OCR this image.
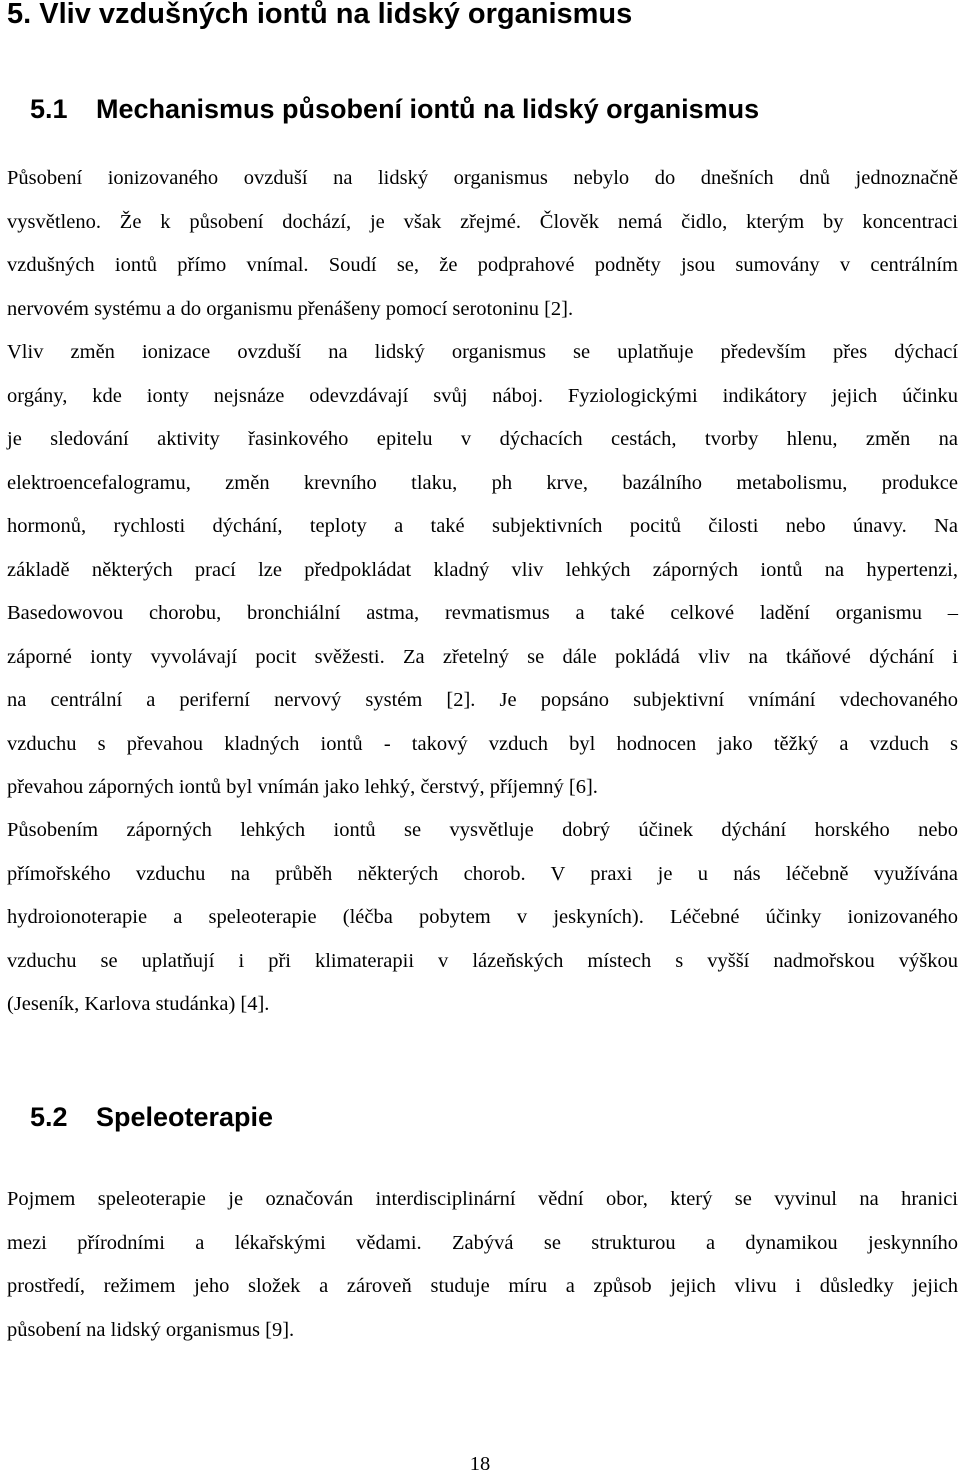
5. Vliv vzdušných iontů na lidský organismus
5.1 Mechanismus působení iontů na lidský organismus
Působení ionizovaného ovzduší na lidský organismus nebylo do dnešních dnů jednoznačně
vysvětleno. Že k působení dochází, je však zřejmé. Člověk nemá čidlo, kterým by koncentraci
vzdušných iontů přímo vnímal. Soudí se, že podprahové podněty jsou sumovány v centrálním
nervovém systému a do organismu přenášeny pomocí serotoninu [2].
Vliv změn ionizace ovzduší na lidský organismus se uplatňuje především přes dýchací
orgány, kde ionty nejsnáze odevzdávají svůj náboj. Fyziologickými indikátory jejich účinku
je sledování aktivity řasinkového epitelu v dýchacích cestách, tvorby hlenu, změn na
elektroencefalogramu, změn krevního tlaku, ph krve, bazálního metabolismu, produkce
hormonů, rychlosti dýchání, teploty a také subjektivních pocitů čilosti nebo únavy. Na
základě některých prací lze předpokládat kladný vliv lehkých záporných iontů na hypertenzi,
Basedowovou chorobu, bronchiální astma, revmatismus a také celkové ladění organismu –
záporné ionty vyvolávají pocit svěžesti. Za zřetelný se dále pokládá vliv na tkáňové dýchání i
na centrální a periferní nervový systém [2]. Je popsáno subjektivní vnímání vdechovaného
vzduchu s převahou kladných iontů - takový vzduch byl hodnocen jako těžký a vzduch s
převahou záporných iontů byl vnímán jako lehký, čerstvý, příjemný [6].
Působením záporných lehkých iontů se vysvětluje dobrý účinek dýchání horského nebo
přímořského vzduchu na průběh některých chorob. V praxi je u nás léčebně využívána
hydroionoterapie a speleoterapie (léčba pobytem v jeskyních). Léčebné účinky ionizovaného
vzduchu se uplatňují i při klimaterapii v lázeňských místech s vyšší nadmořskou výškou
(Jeseník, Karlova studánka) [4].
5.2 Speleoterapie
Pojmem speleoterapie je označován interdisciplinární vědní obor, který se vyvinul na hranici
mezi přírodními a lékařskými vědami. Zabývá se strukturou a dynamikou jeskynního
prostředí, režimem jeho složek a zároveň studuje míru a způsob jejich vlivu i důsledky jejich
působení na lidský organismus [9].
18
